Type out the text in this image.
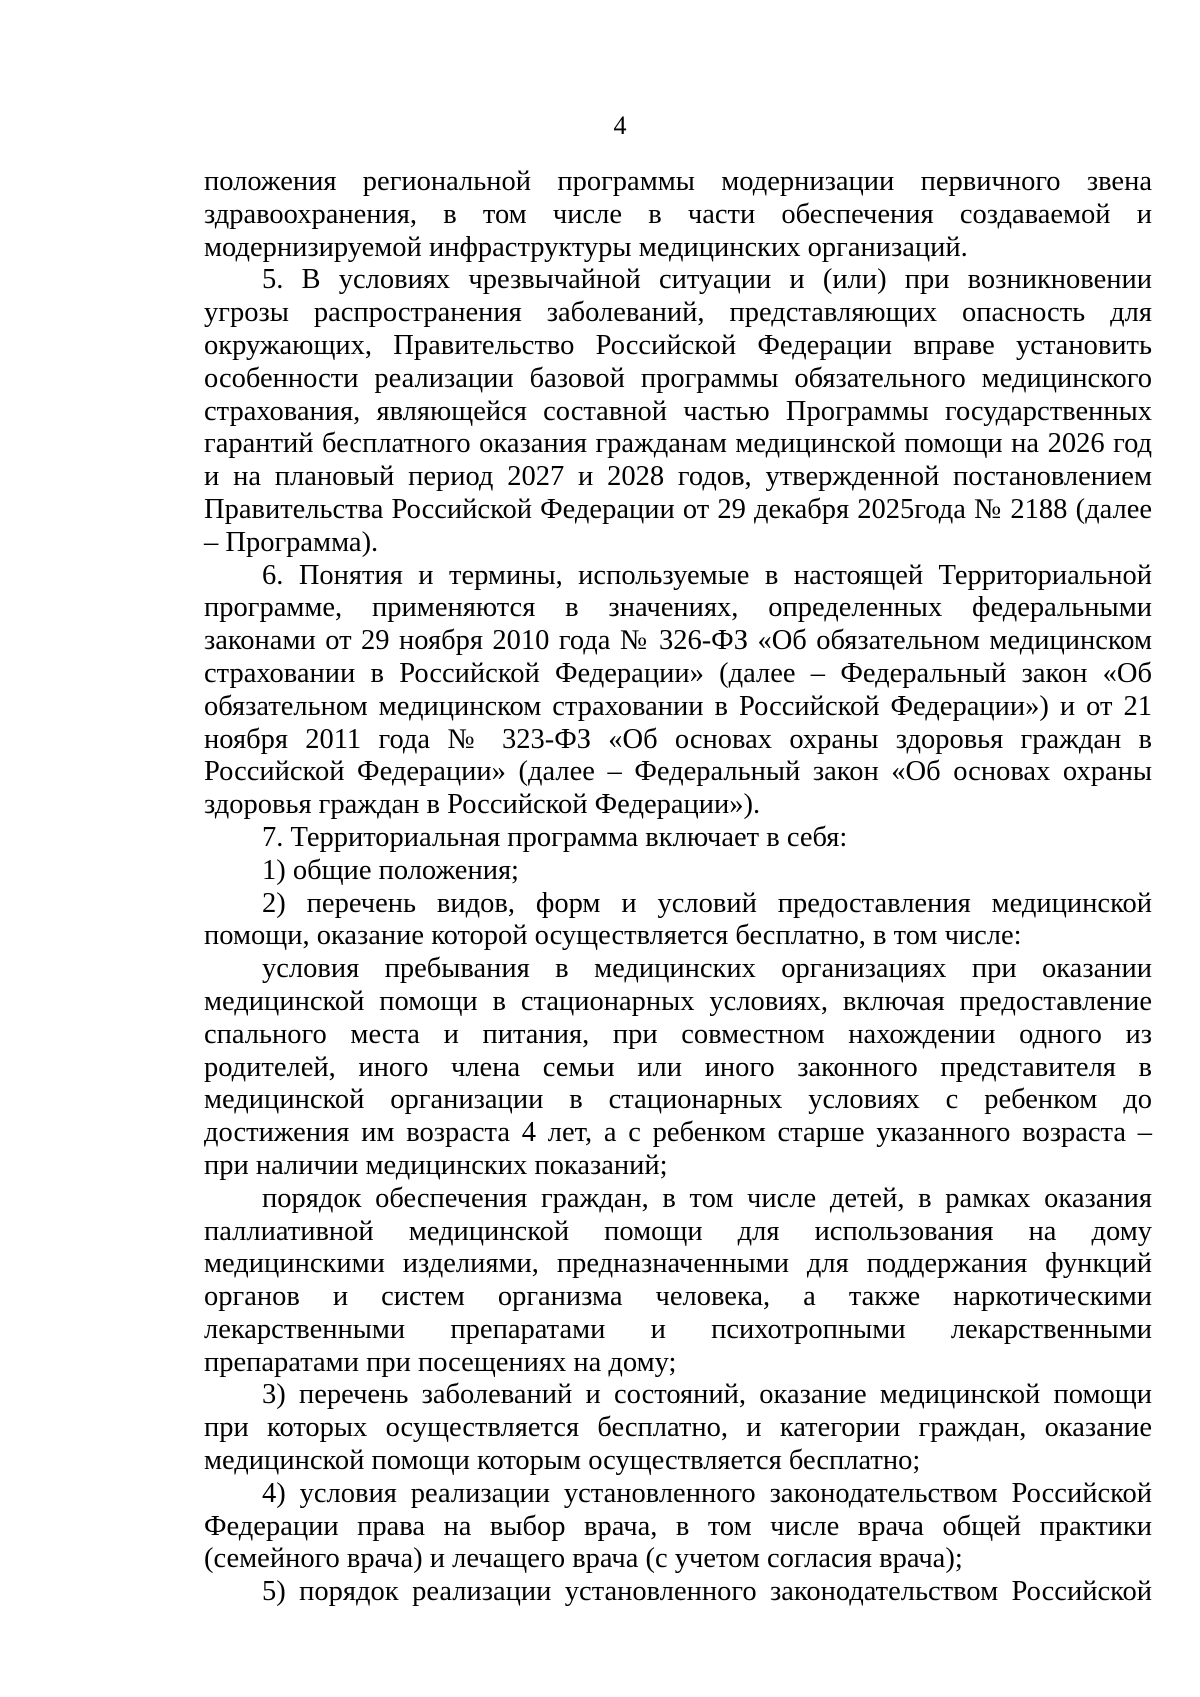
4

положения региональной программы модернизации первичного звена здравоохранения, в том числе в части обеспечения создаваемой и модернизируемой инфраструктуры медицинских организаций.

5. В условиях чрезвычайной ситуации и (или) при возникновении угрозы распространения заболеваний, представляющих опасность для окружающих, Правительство Российской Федерации вправе установить особенности реализации базовой программы обязательного медицинского страхования, являющейся составной частью Программы государственных гарантий бесплатного оказания гражданам медицинской помощи на 2026 год и на плановый период 2027 и 2028 годов, утвержденной постановлением Правительства Российской Федерации от 29 декабря 2025года № 2188 (далее – Программа).

6. Понятия и термины, используемые в настоящей Территориальной программе, применяются в значениях, определенных федеральными законами от 29 ноября 2010 года № 326-ФЗ «Об обязательном медицинском страховании в Российской Федерации» (далее – Федеральный закон «Об обязательном медицинском страховании в Российской Федерации») и от 21 ноября 2011 года № 323-ФЗ «Об основах охраны здоровья граждан в Российской Федерации» (далее – Федеральный закон «Об основах охраны здоровья граждан в Российской Федерации»).

7. Территориальная программа включает в себя:

1) общие положения;

2) перечень видов, форм и условий предоставления медицинской помощи, оказание которой осуществляется бесплатно, в том числе:

условия пребывания в медицинских организациях при оказании медицинской помощи в стационарных условиях, включая предоставление спального места и питания, при совместном нахождении одного из родителей, иного члена семьи или иного законного представителя в медицинской организации в стационарных условиях с ребенком до достижения им возраста 4 лет, а с ребенком старше указанного возраста – при наличии медицинских показаний;

порядок обеспечения граждан, в том числе детей, в рамках оказания паллиативной медицинской помощи для использования на дому медицинскими изделиями, предназначенными для поддержания функций органов и систем организма человека, а также наркотическими лекарственными препаратами и психотропными лекарственными препаратами при посещениях на дому;

3) перечень заболеваний и состояний, оказание медицинской помощи при которых осуществляется бесплатно, и категории граждан, оказание медицинской помощи которым осуществляется бесплатно;

4) условия реализации установленного законодательством Российской Федерации права на выбор врача, в том числе врача общей практики (семейного врача) и лечащего врача (с учетом согласия врача);

5) порядок реализации установленного законодательством Российской
